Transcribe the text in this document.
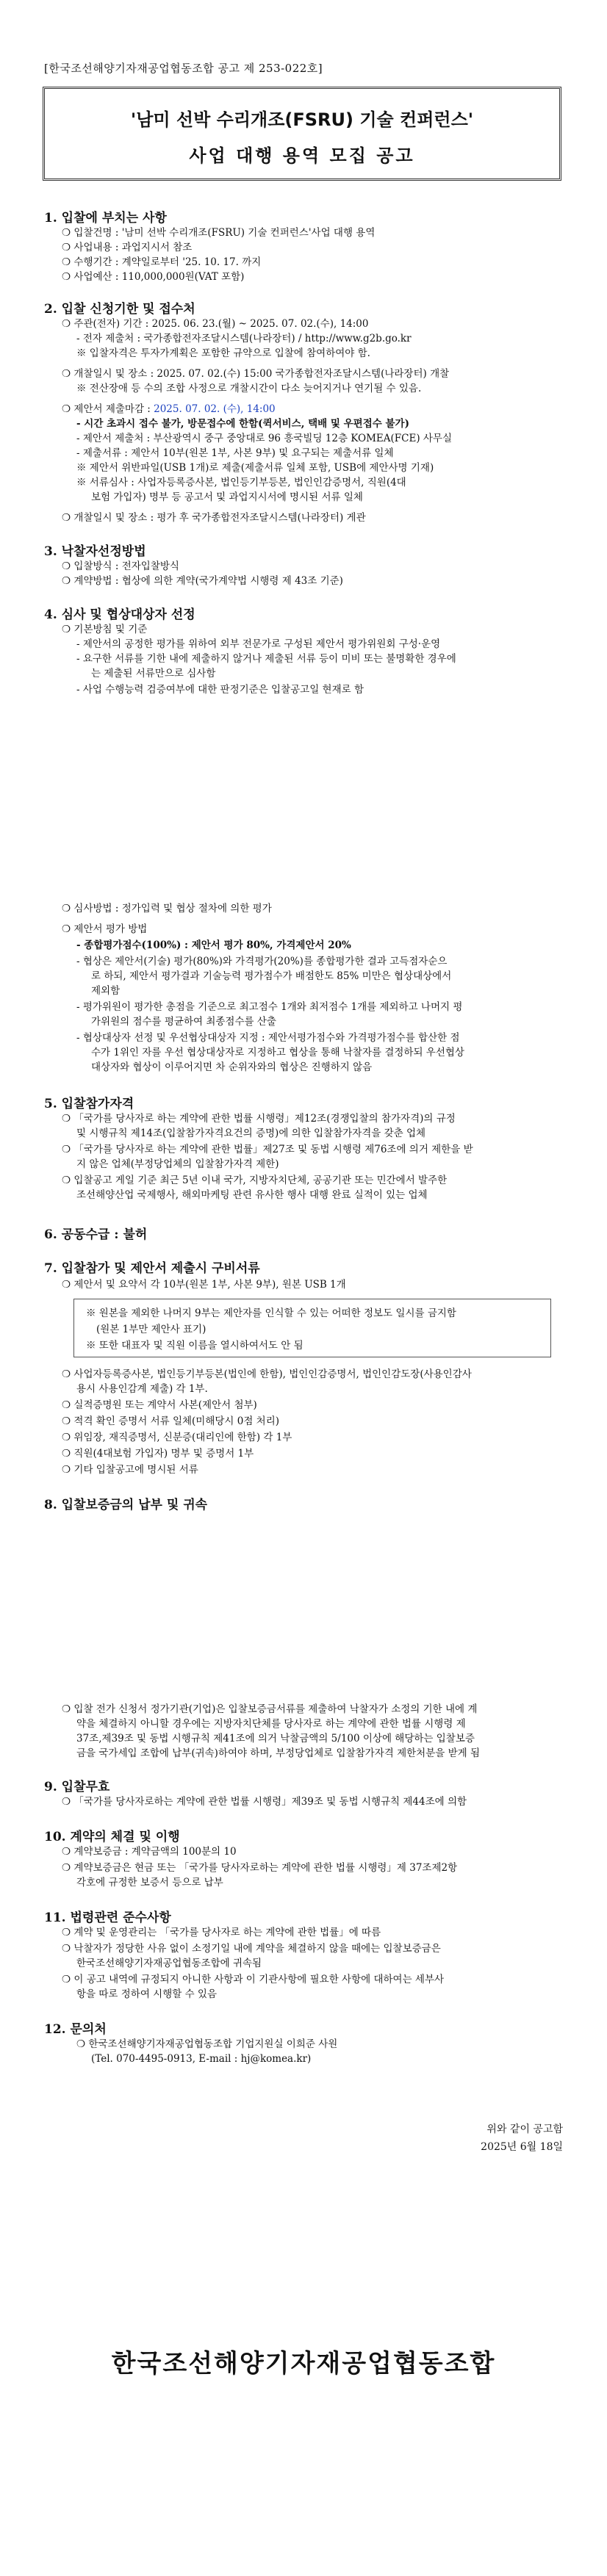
[한국조선해양기자재공업협동조합 공고 제 253-022호]
'남미 선박 수리개조(FSRU) 기술 컨퍼런스'
사업 대행 용역 모집 공고
1. 입찰에 부치는 사항
❍ 입찰건명 : '남미 선박 수리개조(FSRU) 기술 컨퍼런스'사업 대행 용역
❍ 사업내용 : 과업지시서 참조
❍ 수행기간 : 계약일로부터 '25. 10. 17. 까지
❍ 사업예산 : 110,000,000원(VAT 포함)
2. 입찰 신청기한 및 접수처
❍ 주관(전자) 기간 : 2025. 06. 23.(월) ~ 2025. 07. 02.(수), 14:00
- 전자 제출처 : 국가종합전자조달시스템(나라장터) / http://www.g2b.go.kr
※ 입찰자격은 투자가계획은 포함한 규약으로 입찰에 참여하여야 함.
❍ 개찰일시 및 장소 : 2025. 07. 02.(수) 15:00 국가종합전자조달시스템(나라장터) 개찰
※ 전산장애 등 수의 조합 사정으로 개찰시간이 다소 늦어지거나 연기될 수 있음.
❍ 제안서 제출마감 : 2025. 07. 02. (수), 14:00
- 시간 초과시 접수 불가, 방문접수에 한함(퀵서비스, 택배 및 우편접수 불가)
- 제안서 제출처 : 부산광역시 중구 중앙대로 96 흥국빌딩 12층 KOMEA(FCE) 사무실
- 제출서류 : 제안서 10부(원본 1부, 사본 9부) 및 요구되는 제출서류 일체
※ 제안서 위반파일(USB 1개)로 제출(제출서류 일체 포함, USB에 제안사명 기재)
※ 서류심사 : 사업자등록증사본, 법인등기부등본, 법인인감증명서, 직원(4대
보험 가입자) 명부 등 공고서 및 과업지시서에 명시된 서류 일체
❍ 개찰일시 및 장소 : 평가 후 국가종합전자조달시스템(나라장터) 게관
3. 낙찰자선정방법
❍ 입찰방식 : 전자입찰방식
❍ 계약방법 : 협상에 의한 계약(국가계약법 시행령 제 43조 기준)
4. 심사 및 협상대상자 선정
❍ 기본방침 및 기준
- 제안서의 공정한 평가를 위하여 외부 전문가로 구성된 제안서 평가위원회 구성·운영
- 요구한 서류를 기한 내에 제출하지 않거나 제출된 서류 등이 미비 또는 불명확한 경우에
는 제출된 서류만으로 심사함
- 사업 수행능력 검증여부에 대한 판정기준은 입찰공고일 현재로 함
❍ 심사방법 : 정가입력 및 협상 절차에 의한 평가
❍ 제안서 평가 방법
- 종합평가점수(100%) : 제안서 평가 80%, 가격제안서 20%
- 협상은 제안서(기술) 평가(80%)와 가격평가(20%)를 종합평가한 결과 고득점자순으
로 하되, 제안서 평가결과 기술능력 평가점수가 배점한도 85% 미만은 협상대상에서
제외함
- 평가위원이 평가한 총점을 기준으로 최고점수 1개와 최저점수 1개를 제외하고 나머지 평
가위원의 점수를 평균하여 최종점수를 산출
- 협상대상자 선정 및 우선협상대상자 지정 : 제안서평가점수와 가격평가점수를 합산한 점
수가 1위인 자를 우선 협상대상자로 지정하고 협상을 통해 낙찰자를 결정하되 우선협상
대상자와 협상이 이루어지면 차 순위자와의 협상은 진행하지 않음
5. 입찰참가자격
❍ 「국가를 당사자로 하는 계약에 관한 법률 시행령」제12조(경쟁입찰의 참가자격)의 규정
및 시행규칙 제14조(입찰참가자격요건의 증명)에 의한 입찰참가자격을 갖춘 업체
❍ 「국가를 당사자로 하는 계약에 관한 법률」제27조 및 동법 시행령 제76조에 의거 제한을 받
지 않은 업체(부정당업체의 입찰참가자격 제한)
❍ 입찰공고 게일 기준 최근 5년 이내 국가, 지방자치단체, 공공기관 또는 민간에서 발주한
조선해양산업 국제행사, 해외마케팅 관련 유사한 행사 대행 완료 실적이 있는 업체
6. 공동수급 : 불허
7. 입찰참가 및 제안서 제출시 구비서류
❍ 제안서 및 요약서 각 10부(원본 1부, 사본 9부), 원본 USB 1개
※ 원본을 제외한 나머지 9부는 제안자를 인식할 수 있는 어떠한 정보도 일시를 금지함
(원본 1부만 제안사 표기)
※ 또한 대표자 및 직원 이름을 열시하여서도 안 됨
❍ 사업자등록증사본, 법인등기부등본(법인에 한함), 법인인감증명서, 법인인감도장(사용인감사
용시 사용인감계 제출) 각 1부.
❍ 실적증명원 또는 계약서 사본(제안서 첨부)
❍ 적격 확인 증명서 서류 일체(미해당시 0점 처리)
❍ 위임장, 재직증명서, 신분증(대리인에 한함) 각 1부
❍ 직원(4대보험 가입자) 명부 및 증명서 1부
❍ 기타 입찰공고에 명시된 서류
8. 입찰보증금의 납부 및 귀속
❍ 입찰 전가 신청서 정가기관(기업)은 입찰보증금서류를 제출하여 낙찰자가 소정의 기한 내에 계
약을 체결하지 아니할 경우에는 지방자치단체를 당사자로 하는 계약에 관한 법률 시행령 제
37조,제39조 및 동법 시행규칙 제41조에 의거 낙찰금액의 5/100 이상에 해당하는 입찰보증
금을 국가세입 조합에 납부(귀속)하여야 하며, 부정당업체로 입찰참가자격 제한처분을 받게 됨
9. 입찰무효
❍ 「국가를 당사자로하는 계약에 관한 법률 시행령」제39조 및 동법 시행규칙 제44조에 의함
10. 계약의 체결 및 이행
❍ 계약보증금 : 계약금액의 100분의 10
❍ 계약보증금은 현금 또는 「국가를 당사자로하는 계약에 관한 법률 시행령」제 37조제2항
각호에 규정한 보증서 등으로 납부
11. 법령관련 준수사항
❍ 계약 및 운영관리는 「국가를 당사자로 하는 계약에 관한 법률」에 따름
❍ 낙찰자가 정당한 사유 없이 소정기일 내에 계약을 체결하지 않을 때에는 입찰보증금은
한국조선해양기자재공업협동조합에 귀속됨
❍ 이 공고 내역에 규정되지 아니한 사항과 이 기관사항에 필요한 사항에 대하여는 세부사
항을 따로 정하여 시행할 수 있음
12. 문의처
❍ 한국조선해양기자재공업협동조합 기업지원실 이희준 사원
(Tel. 070-4495-0913, E-mail : hj@komea.kr)
위와 같이 공고함
2025년 6월 18일
한국조선해양기자재공업협동조합
